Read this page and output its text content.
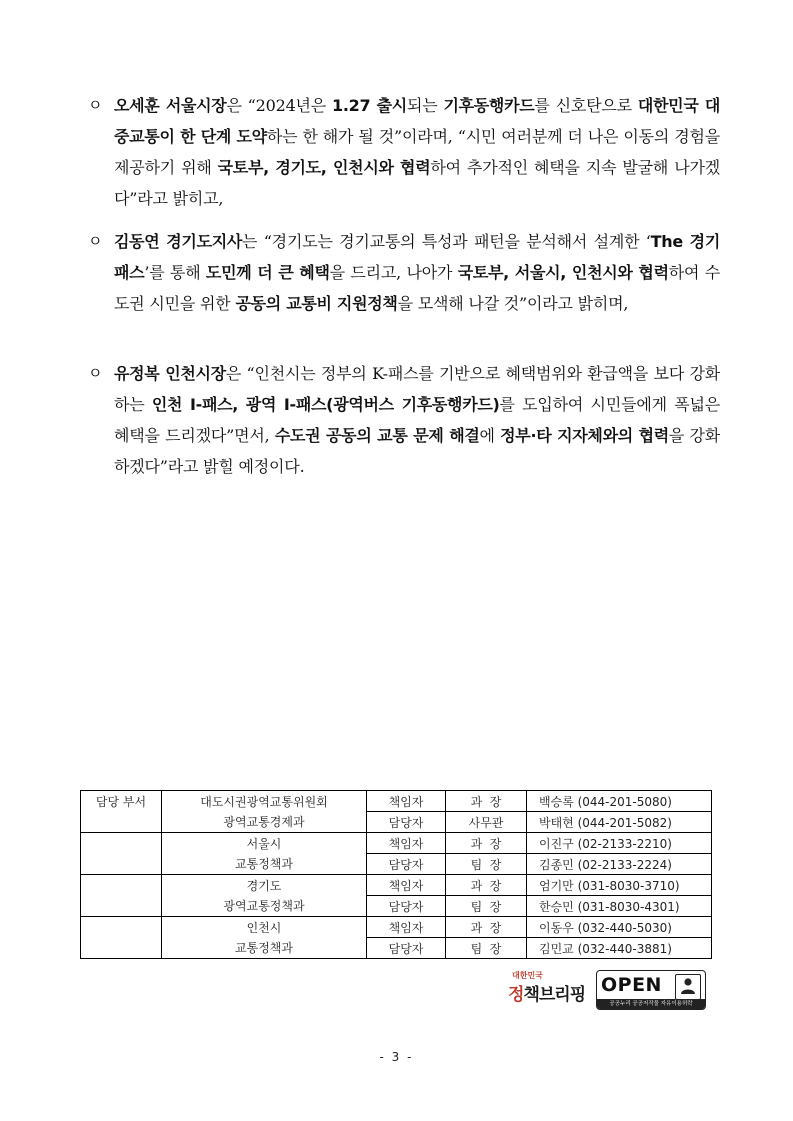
ㅇ 오세훈 서울시장은 “2024년은 1.27 출시되는 기후동행카드를 신호탄으로 대한민국 대중교통이 한 단계 도약하는 한 해가 될 것”이라며, “시민 여러분께 더 나은 이동의 경험을 제공하기 위해 국토부, 경기도, 인천시와 협력하여 추가적인 혜택을 지속 발굴해 나가겠다”라고 밝히고,
ㅇ 김동연 경기도지사는 “경기도는 경기교통의 특성과 패턴을 분석해서 설계한 ‘The 경기패스’를 통해 도민께 더 큰 혜택을 드리고, 나아가 국토부, 서울시, 인천시와 협력하여 수도권 시민을 위한 공동의 교통비 지원정책을 모색해 나갈 것”이라고 밝히며,
ㅇ 유정복 인천시장은 “인천시는 정부의 K-패스를 기반으로 혜택범위와 환급액을 보다 강화하는 인천 I-패스, 광역 I-패스(광역버스 기후동행카드)를 도입하여 시민들에게 폭넓은 혜택을 드리겠다”면서, 수도권 공동의 교통 문제 해결에 정부·타 지자체와의 협력을 강화하겠다”라고 밝힐 예정이다.
담당 부서	대도시권광역교통위원회	책임자	과  장	백승록 (044-201-5080)
	광역교통경제과	담당자	사무관	박태현 (044-201-5082)
	서울시	책임자	과  장	이진구 (02-2133-2210)
	교통정책과	담당자	팀  장	김종민 (02-2133-2224)
	경기도	책임자	과  장	엄기만 (031-8030-3710)
	광역교통정책과	담당자	팀  장	한승민 (031-8030-4301)
	인천시	책임자	과  장	이동우 (032-440-5030)
	교통정책과	담당자	팀  장	김민교 (032-440-3881)
대한민국
정책브리핑 OPEN
공공누리 공공저작물 자유이용허락
- 3 -
